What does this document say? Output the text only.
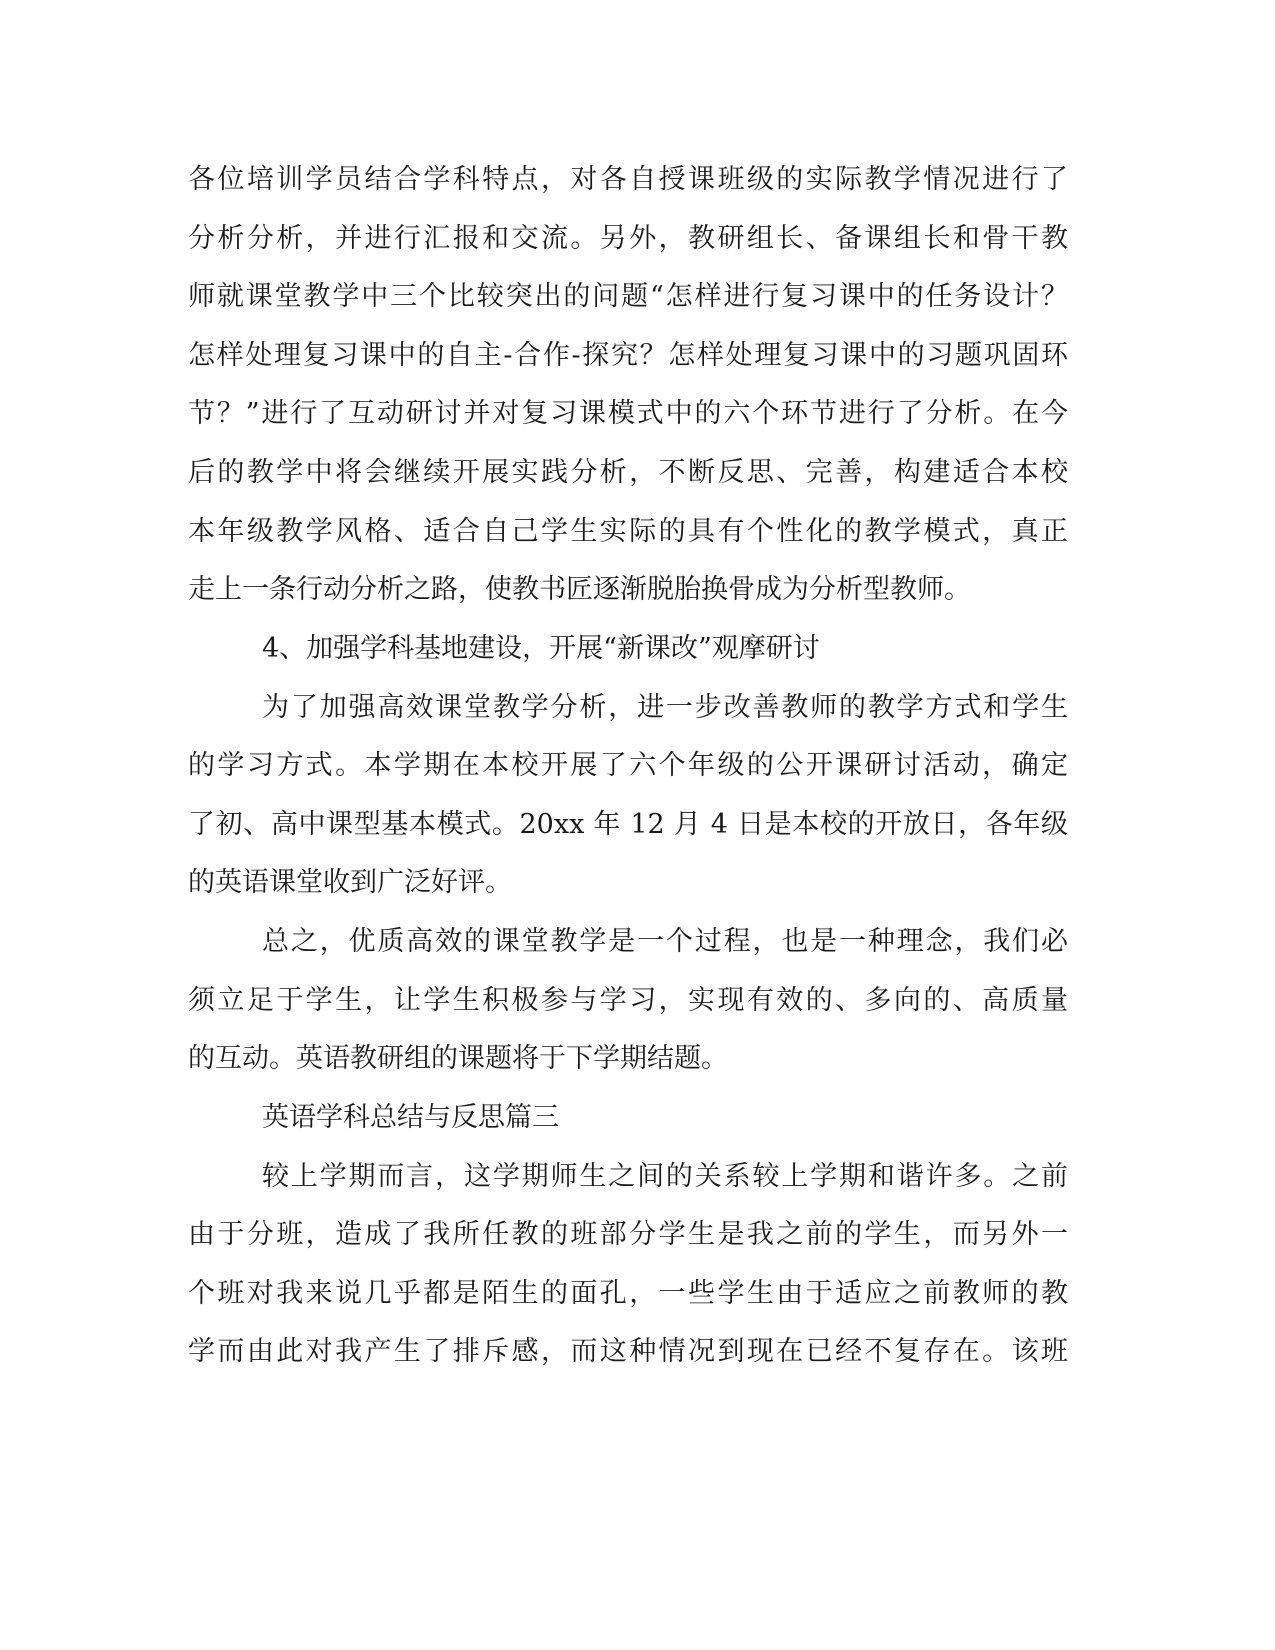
各位培训学员结合学科特点，对各自授课班级的实际教学情况进行了
分析分析，并进行汇报和交流。另外，教研组长、备课组长和骨干教
师就课堂教学中三个比较突出的问题“怎样进行复习课中的任务设计？
怎样处理复习课中的自主-合作-探究？怎样处理复习课中的习题巩固环
节？”进行了互动研讨并对复习课模式中的六个环节进行了分析。在今
后的教学中将会继续开展实践分析，不断反思、完善，构建适合本校
本年级教学风格、适合自己学生实际的具有个性化的教学模式，真正
走上一条行动分析之路，使教书匠逐渐脱胎换骨成为分析型教师。
4、加强学科基地建设，开展“新课改”观摩研讨
为了加强高效课堂教学分析，进一步改善教师的教学方式和学生
的学习方式。本学期在本校开展了六个年级的公开课研讨活动，确定
了初、高中课型基本模式。20xx 年 12 月 4 日是本校的开放日，各年级
的英语课堂收到广泛好评。
总之，优质高效的课堂教学是一个过程，也是一种理念，我们必
须立足于学生，让学生积极参与学习，实现有效的、多向的、高质量
的互动。英语教研组的课题将于下学期结题。
英语学科总结与反思篇三
较上学期而言，这学期师生之间的关系较上学期和谐许多。之前
由于分班，造成了我所任教的班部分学生是我之前的学生，而另外一
个班对我来说几乎都是陌生的面孔，一些学生由于适应之前教师的教
学而由此对我产生了排斥感，而这种情况到现在已经不复存在。该班
